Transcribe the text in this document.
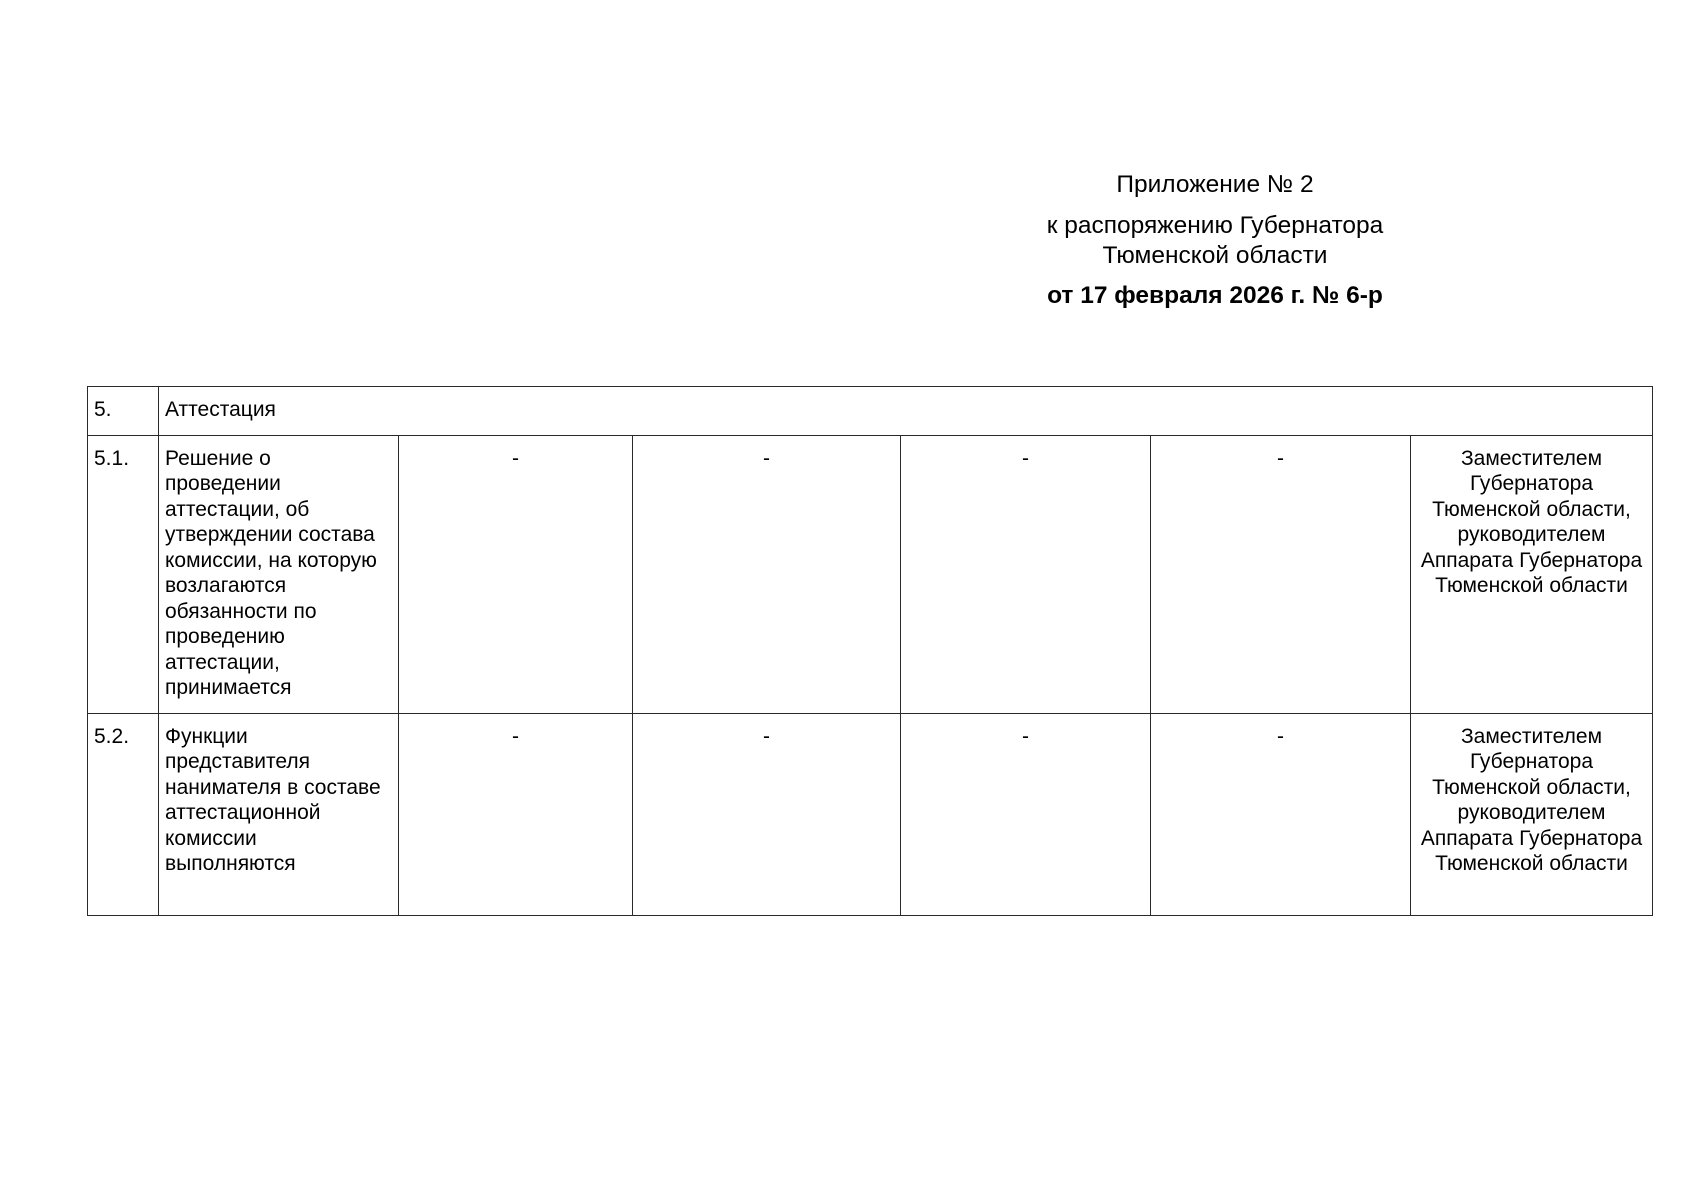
Приложение № 2
к распоряжению Губернатора
Тюменской области
от 17 февраля 2026 г. № 6-р
5.	Аттестация					
5.1.	Решение о проведении аттестации, об утверждении состава комиссии, на которую возлагаются обязанности по проведению аттестации, принимается	-	-	-	-	Заместителем Губернатора Тюменской области, руководителем Аппарата Губернатора Тюменской области
5.2.	Функции представителя нанимателя в составе аттестационной комиссии выполняются	-	-	-	-	Заместителем Губернатора Тюменской области, руководителем Аппарата Губернатора Тюменской области
